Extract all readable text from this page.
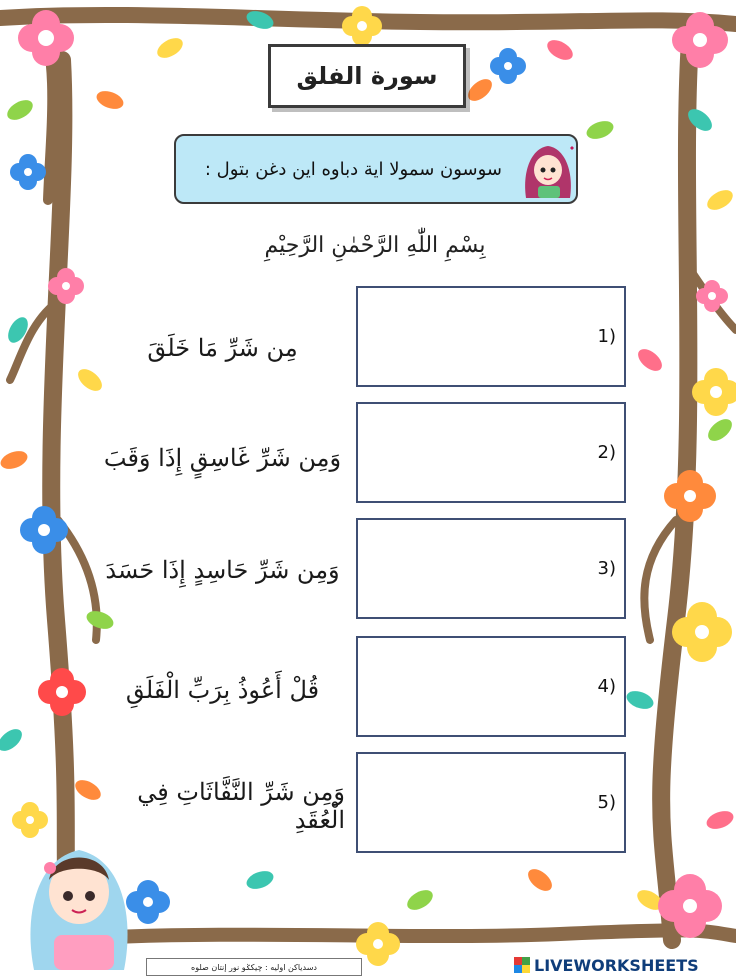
سورة الفلق
سوسون سمولا اية دباوه اين دغن بتول :
بِسْمِ اللّٰهِ الرَّحْمٰنِ الرَّحِيْمِ
مِن شَرِّ مَا خَلَقَ
وَمِن شَرِّ غَاسِقٍ إِذَا وَقَبَ
وَمِن شَرِّ حَاسِدٍ إِذَا حَسَدَ
قُلْ أَعُوذُ بِرَبِّ الْفَلَقِ
وَمِن شَرِّ النَّفَّاثَاتِ فِي الْعُقَدِ
1)
2)
3)
4)
5)
دسدياكن اوليه : چيكݢو نور إنتان صلوه	LIVEWORKSHEETS
